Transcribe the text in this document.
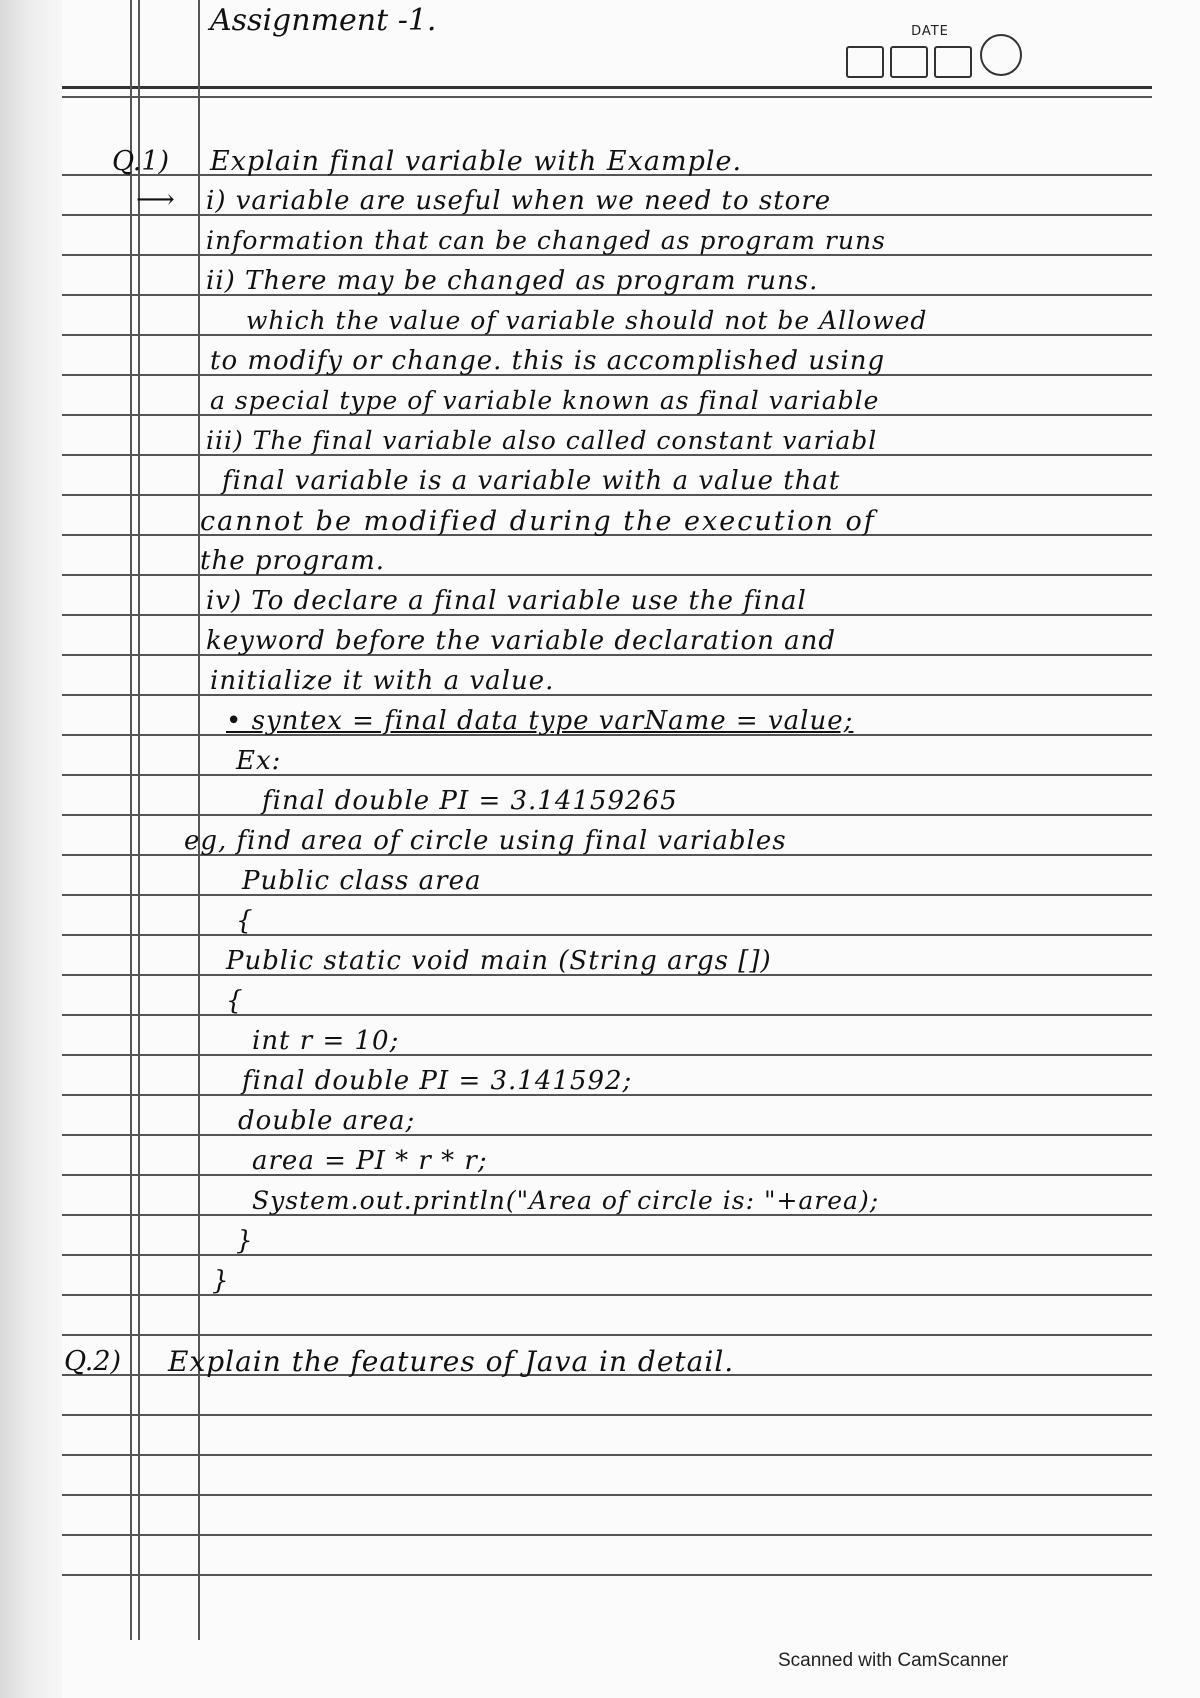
Assignment -1.	DATE
Q.1) Explain final variable with Example.
⟶ i) variable are useful when we need to store
information that can be changed as program runs
ii) There may be changed as program runs.
which the value of variable should not be Allowed
to modify or change. this is accomplished using
a special type of variable known as final variable
iii) The final variable also called constant variabl
final variable is a variable with a value that
cannot be modified during the execution of
the program.
iv) To declare a final variable use the final
keyword before the variable declaration and
initialize it with a value.
• syntex = final data type varName = value;
Ex:
final double PI = 3.14159265
eg, find area of circle using final variables
Public class area
{
Public static void main (String args [])
{
int r = 10;
final double PI = 3.141592;
double area;
area = PI * r * r;
System.out.println("Area of circle is: "+area);
}
}
Q.2) Explain the features of Java in detail.
Scanned with CamScanner
